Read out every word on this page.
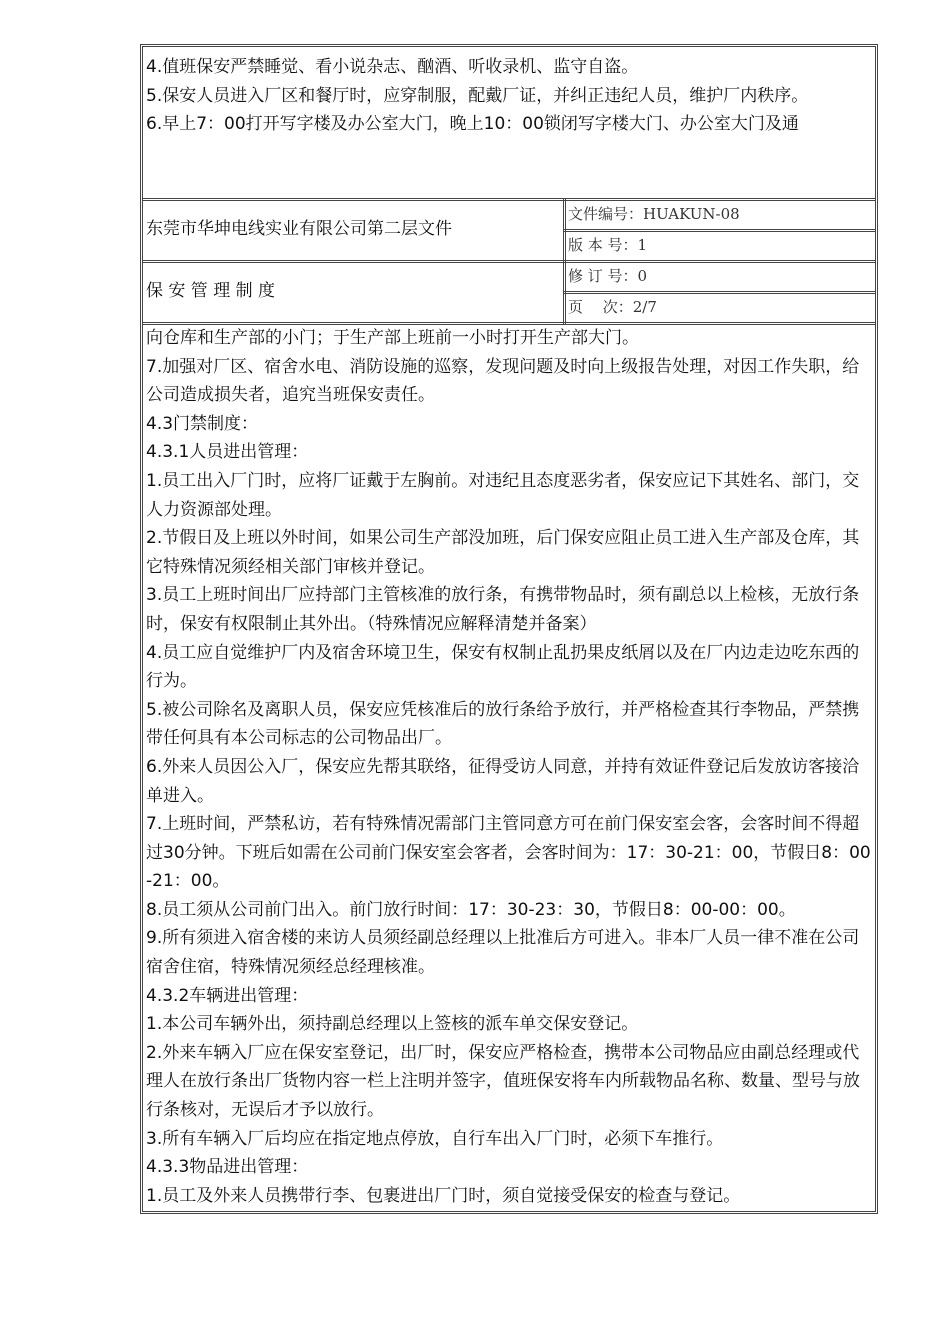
4.值班保安严禁睡觉、看小说杂志、酗酒、听收录机、监守自盗。
5.保安人员进入厂区和餐厅时，应穿制服，配戴厂证，并纠正违纪人员，维护厂内秩序。
6.早上7：00打开写字楼及办公室大门，晚上10：00锁闭写字楼大门、办公室大门及通
东莞市华坤电线实业有限公司第二层文件
保 安 管 理 制 度
文件编号：HUAKUN-08
版 本 号：1
修 订 号：0
页　 次：2/7
向仓库和生产部的小门；于生产部上班前一小时打开生产部大门。
7.加强对厂区、宿舍水电、消防设施的巡察，发现问题及时向上级报告处理，对因工作失职，给公司造成损失者，追究当班保安责任。
4.3门禁制度：
4.3.1人员进出管理：
1.员工出入厂门时，应将厂证戴于左胸前。对违纪且态度恶劣者，保安应记下其姓名、部门，交人力资源部处理。
2.节假日及上班以外时间，如果公司生产部没加班，后门保安应阻止员工进入生产部及仓库，其它特殊情况须经相关部门审核并登记。
3.员工上班时间出厂应持部门主管核准的放行条，有携带物品时，须有副总以上检核，无放行条时，保安有权限制止其外出。（特殊情况应解释清楚并备案）
4.员工应自觉维护厂内及宿舍环境卫生，保安有权制止乱扔果皮纸屑以及在厂内边走边吃东西的行为。
5.被公司除名及离职人员，保安应凭核准后的放行条给予放行，并严格检查其行李物品，严禁携带任何具有本公司标志的公司物品出厂。
6.外来人员因公入厂，保安应先帮其联络，征得受访人同意，并持有效证件登记后发放访客接洽单进入。
7.上班时间，严禁私访，若有特殊情况需部门主管同意方可在前门保安室会客，会客时间不得超过30分钟。下班后如需在公司前门保安室会客者，会客时间为：17：30-21：00，节假日8：00-21：00。
8.员工须从公司前门出入。前门放行时间：17：30-23：30，节假日8：00-00：00。
9.所有须进入宿舍楼的来访人员须经副总经理以上批准后方可进入。非本厂人员一律不准在公司宿舍住宿，特殊情况须经总经理核准。
4.3.2车辆进出管理：
1.本公司车辆外出，须持副总经理以上签核的派车单交保安登记。
2.外来车辆入厂应在保安室登记，出厂时，保安应严格检查，携带本公司物品应由副总经理或代理人在放行条出厂货物内容一栏上注明并签字，值班保安将车内所载物品名称、数量、型号与放行条核对，无误后才予以放行。
3.所有车辆入厂后均应在指定地点停放，自行车出入厂门时，必须下车推行。
4.3.3物品进出管理：
1.员工及外来人员携带行李、包裹进出厂门时，须自觉接受保安的检查与登记。
